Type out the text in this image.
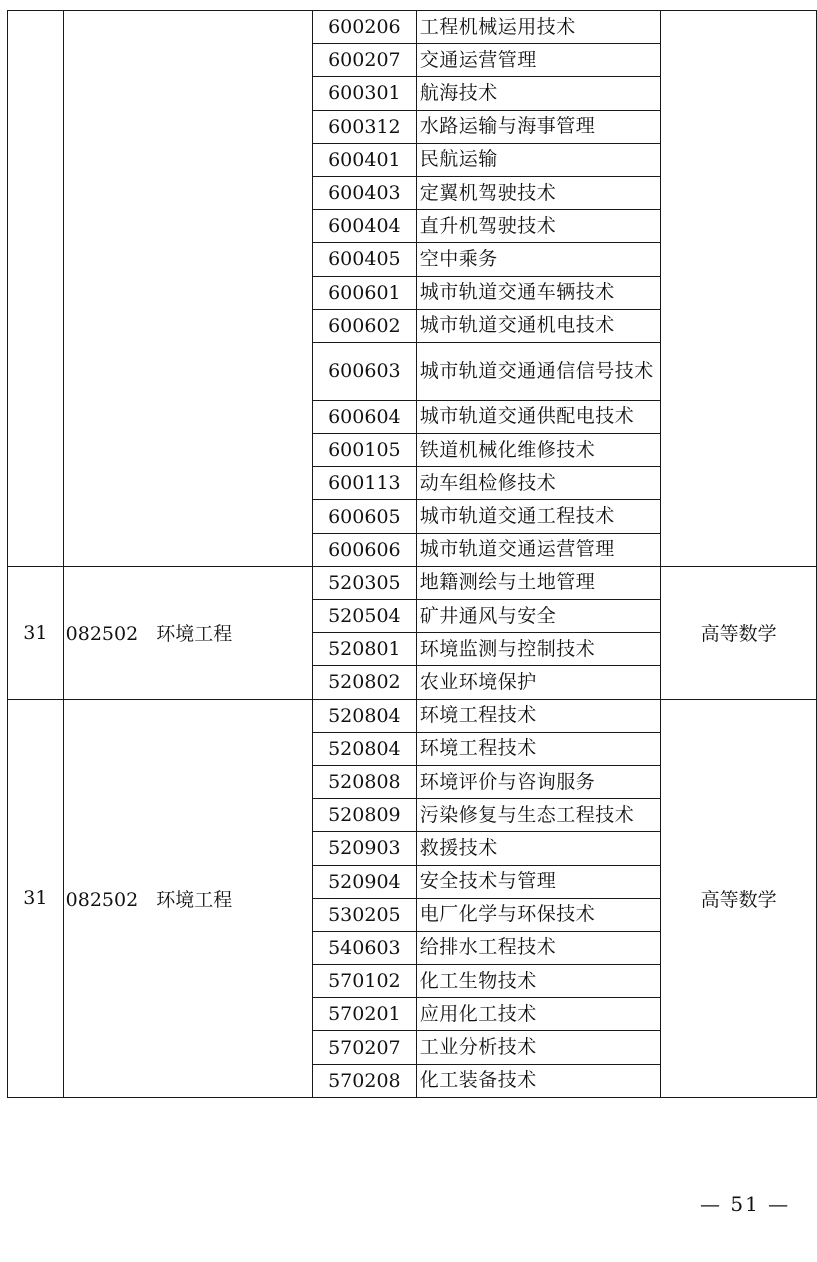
		600206	工程机械运用技术	
		600207	交通运营管理	
		600301	航海技术	
		600312	水路运输与海事管理	
		600401	民航运输	
		600403	定翼机驾驶技术	
		600404	直升机驾驶技术	
		600405	空中乘务	
		600601	城市轨道交通车辆技术	
		600602	城市轨道交通机电技术	
		600603	城市轨道交通通信信号技术	
		600604	城市轨道交通供配电技术	
		600105	铁道机械化维修技术	
		600113	动车组检修技术	
		600605	城市轨道交通工程技术	
		600606	城市轨道交通运营管理	
31	082502 环境工程	520305	地籍测绘与土地管理	高等数学
		520504	矿井通风与安全	
		520801	环境监测与控制技术	
		520802	农业环境保护	
31	082502 环境工程	520804	环境工程技术	高等数学
		520804	环境工程技术	
		520808	环境评价与咨询服务	
		520809	污染修复与生态工程技术	
		520903	救援技术	
		520904	安全技术与管理	
		530205	电厂化学与环保技术	
		540603	给排水工程技术	
		570102	化工生物技术	
		570201	应用化工技术	
		570207	工业分析技术	
		570208	化工装备技术	
— 51 —
